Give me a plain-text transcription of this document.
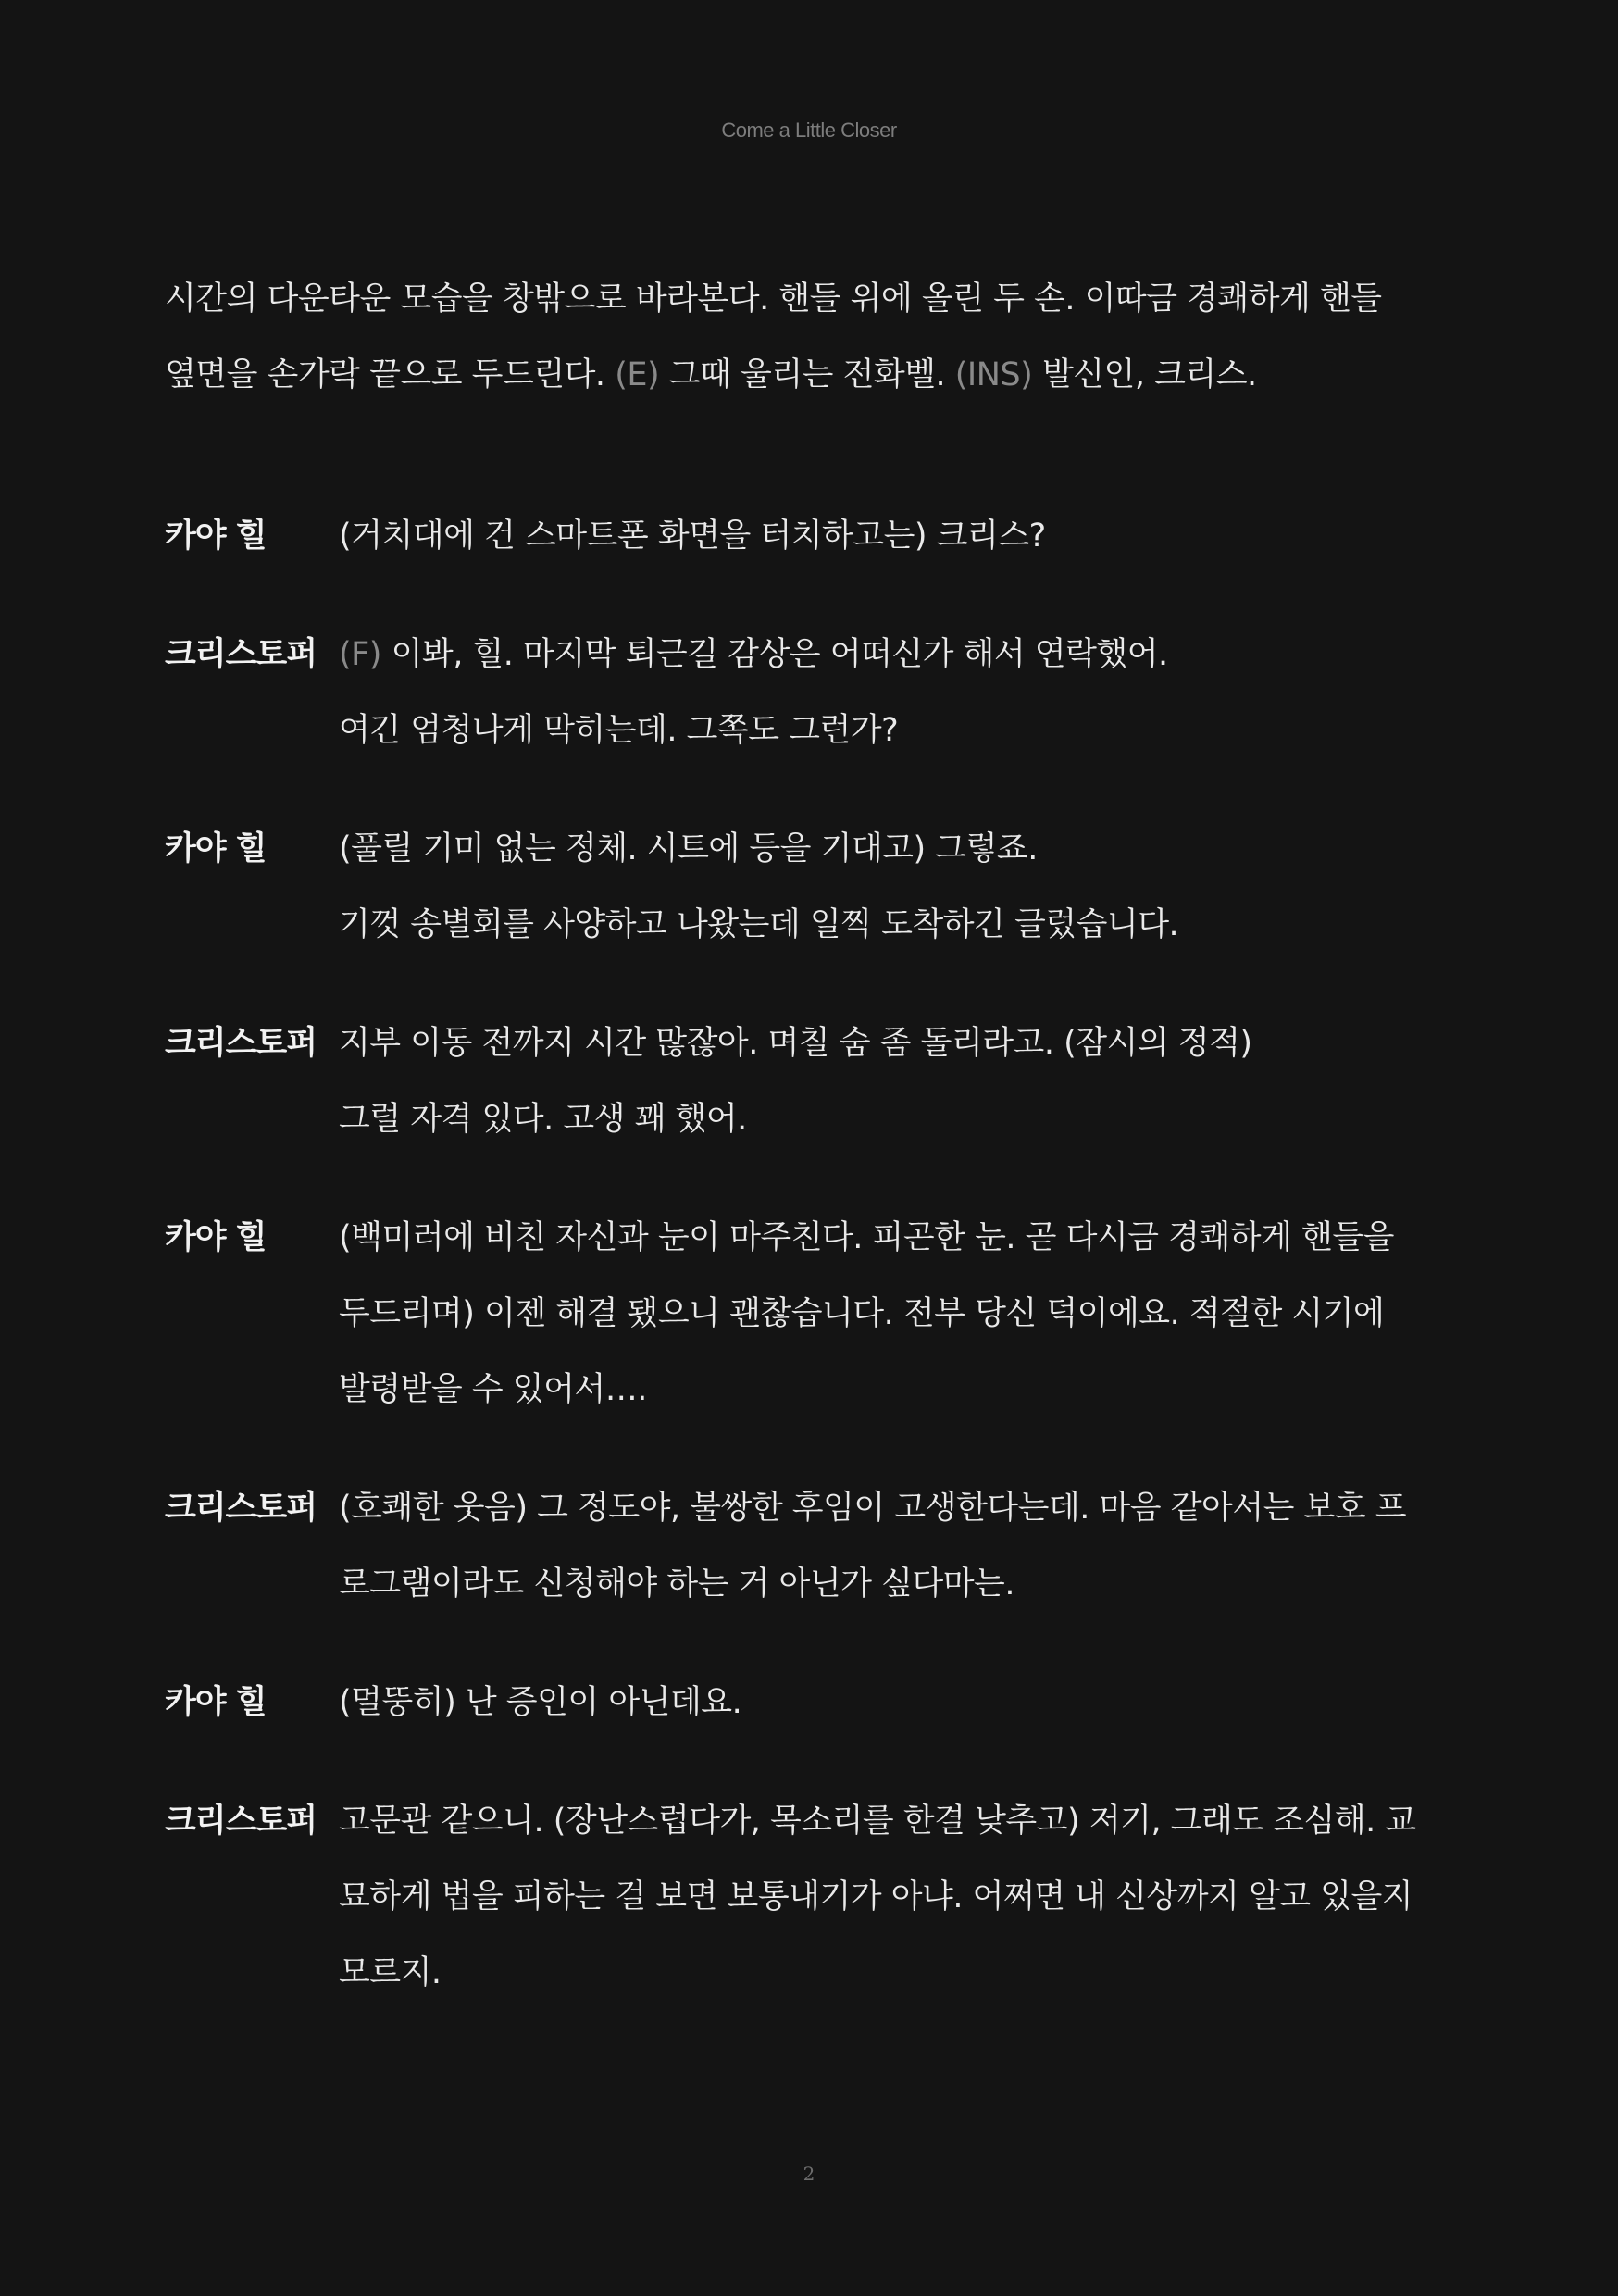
Come a Little Closer

시간의 다운타운 모습을 창밖으로 바라본다. 핸들 위에 올린 두 손. 이따금 경쾌하게 핸들
옆면을 손가락 끝으로 두드린다. (E) 그때 울리는 전화벨. (INS) 발신인, 크리스.

카야 힐	(거치대에 건 스마트폰 화면을 터치하고는) 크리스?
크리스토퍼 (F) 이봐, 힐. 마지막 퇴근길 감상은 어떠신가 해서 연락했어.
여긴 엄청나게 막히는데. 그쪽도 그런가?
카야 힐	(풀릴 기미 없는 정체. 시트에 등을 기대고) 그렇죠.
기껏 송별회를 사양하고 나왔는데 일찍 도착하긴 글렀습니다.
크리스토퍼 지부 이동 전까지 시간 많잖아. 며칠 숨 좀 돌리라고. (잠시의 정적)
그럴 자격 있다. 고생 꽤 했어.
카야 힐	(백미러에 비친 자신과 눈이 마주친다. 피곤한 눈. 곧 다시금 경쾌하게 핸들을
두드리며) 이젠 해결 됐으니 괜찮습니다. 전부 당신 덕이에요. 적절한 시기에
발령받을 수 있어서….
크리스토퍼 (호쾌한 웃음) 그 정도야, 불쌍한 후임이 고생한다는데. 마음 같아서는 보호 프
로그램이라도 신청해야 하는 거 아닌가 싶다마는.
카야 힐	(멀뚱히) 난 증인이 아닌데요.
크리스토퍼 고문관 같으니. (장난스럽다가, 목소리를 한결 낮추고) 저기, 그래도 조심해. 교
묘하게 법을 피하는 걸 보면 보통내기가 아냐. 어쩌면 내 신상까지 알고 있을지
모르지.
2
